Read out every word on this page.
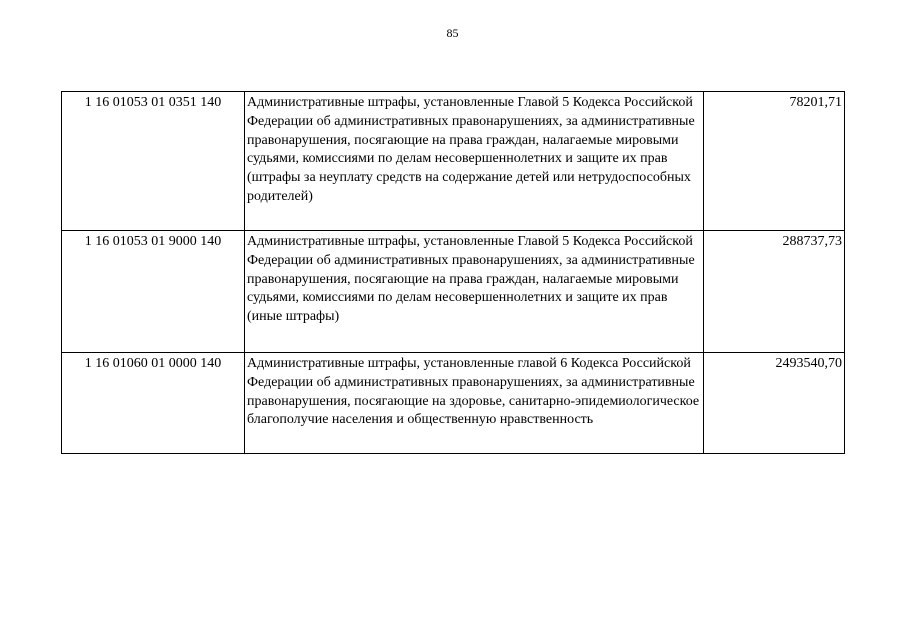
85
1 16 01053 01 0351 140	Административные штрафы, установленные Главой 5 Кодекса Российской Федерации об административных правонарушениях, за административные правонарушения, посягающие на права граждан, налагаемые мировыми судьями, комиссиями по делам несовершеннолетних и защите их прав (штрафы за неуплату средств на содержание детей или нетрудоспособных родителей)	78201,71
1 16 01053 01 9000 140	Административные штрафы, установленные Главой 5 Кодекса Российской Федерации об административных правонарушениях, за административные правонарушения, посягающие на права граждан, налагаемые мировыми судьями, комиссиями по делам несовершеннолетних и защите их прав (иные штрафы)	288737,73
1 16 01060 01 0000 140	Административные штрафы, установленные главой 6 Кодекса Российской Федерации об административных правонарушениях, за административные правонарушения, посягающие на здоровье, санитарно-эпидемиологическое благополучие населения и общественную нравственность	2493540,70
